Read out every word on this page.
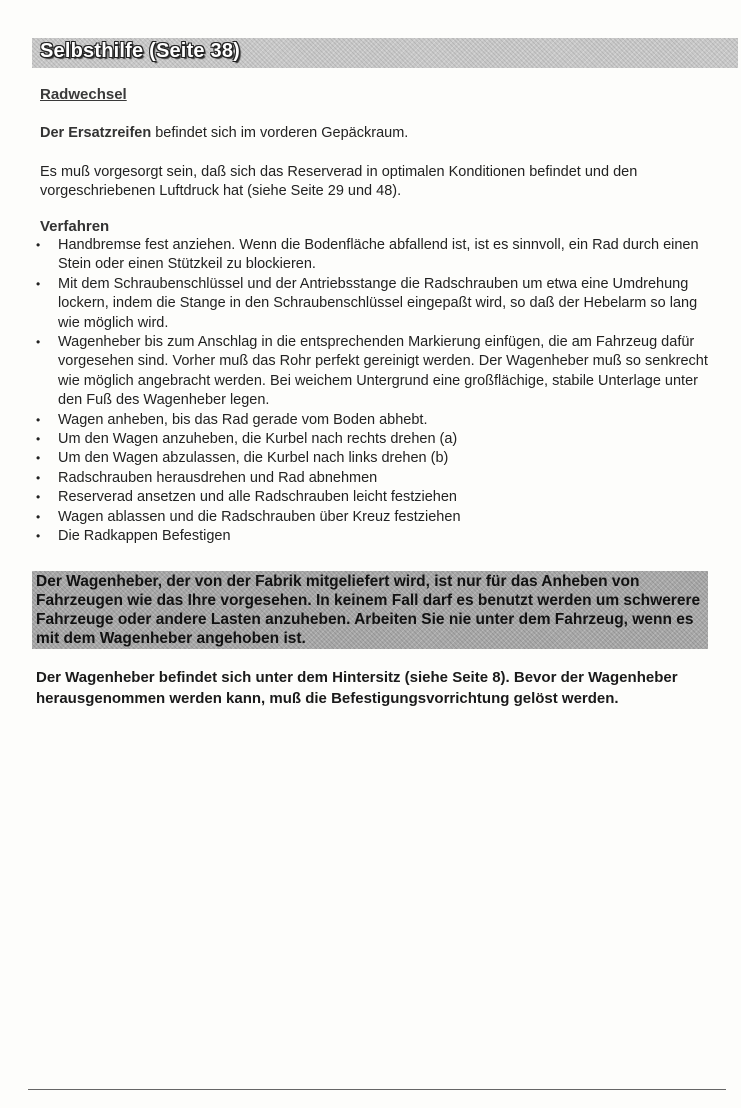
Selbsthilfe (Seite 38)
Radwechsel

Der Ersatzreifen befindet sich im vorderen Gepäckraum.

Es muß vorgesorgt sein, daß sich das Reserverad in optimalen Konditionen befindet und den vorgeschriebenen Luftdruck hat (siehe Seite 29 und 48).

Verfahren
• Handbremse fest anziehen. Wenn die Bodenfläche abfallend ist, ist es sinnvoll, ein Rad durch einen Stein oder einen Stützkeil zu blockieren.
• Mit dem Schraubenschlüssel und der Antriebsstange die Radschrauben um etwa eine Umdrehung lockern, indem die Stange in den Schraubenschlüssel eingepaßt wird, so daß der Hebelarm so lang wie möglich wird.
• Wagenheber bis zum Anschlag in die entsprechenden Markierung einfügen, die am Fahrzeug dafür vorgesehen sind. Vorher muß das Rohr perfekt gereinigt werden. Der Wagenheber muß so senkrecht wie möglich angebracht werden. Bei weichem Untergrund eine großflächige, stabile Unterlage unter den Fuß des Wagenheber legen.
• Wagen anheben, bis das Rad gerade vom Boden abhebt.
• Um den Wagen anzuheben, die Kurbel nach rechts drehen (a)
• Um den Wagen abzulassen, die Kurbel nach links drehen (b)
• Radschrauben herausdrehen und Rad abnehmen
• Reserverad ansetzen und alle Radschrauben leicht festziehen
• Wagen ablassen und die Radschrauben über Kreuz festziehen
• Die Radkappen Befestigen
Der Wagenheber, der von der Fabrik mitgeliefert wird, ist nur für das Anheben von Fahrzeugen wie das Ihre vorgesehen. In keinem Fall darf es benutzt werden um schwerere Fahrzeuge oder andere Lasten anzuheben. Arbeiten Sie nie unter dem Fahrzeug, wenn es mit dem Wagenheber angehoben ist.

Der Wagenheber befindet sich unter dem Hintersitz (siehe Seite 8). Bevor der Wagenheber herausgenommen werden kann, muß die Befestigungsvorrichtung gelöst werden.
